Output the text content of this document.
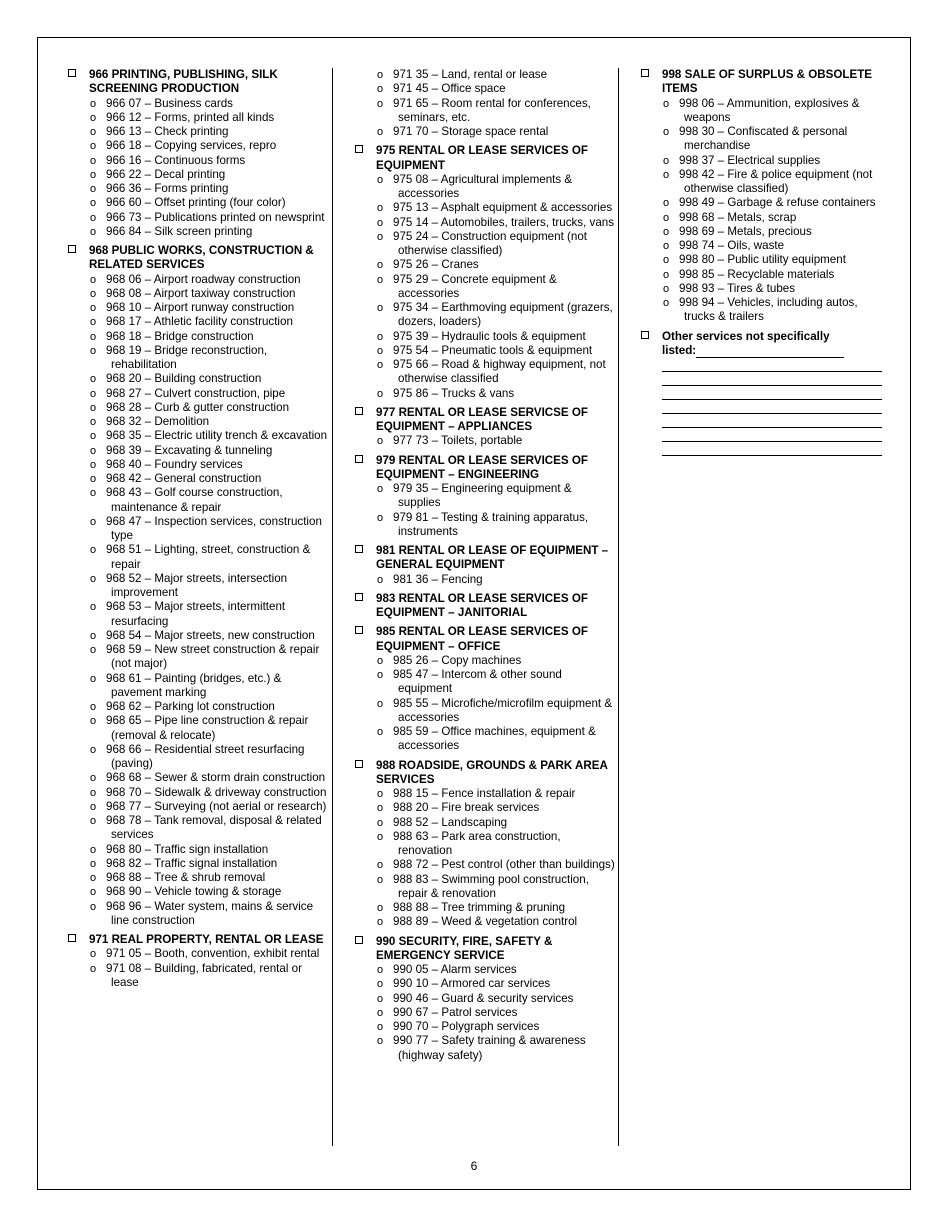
966 PRINTING, PUBLISHING, SILK SCREENING PRODUCTION
o 966 07 – Business cards
o 966 12 – Forms, printed all kinds
o 966 13 – Check printing
o 966 18 – Copying services, repro
o 966 16 – Continuous forms
o 966 22 – Decal printing
o 966 36 – Forms printing
o 966 60 – Offset printing (four color)
o 966 73 – Publications printed on newsprint
o 966 84 – Silk screen printing
968 PUBLIC WORKS, CONSTRUCTION & RELATED SERVICES
o 968 06 – Airport roadway construction
o 968 08 – Airport taxiway construction
o 968 10 – Airport runway construction
o 968 17 – Athletic facility construction
o 968 18 – Bridge construction
o 968 19 – Bridge reconstruction, rehabilitation
o 968 20 – Building construction
o 968 27 – Culvert construction, pipe
o 968 28 – Curb & gutter construction
o 968 32 – Demolition
o 968 35 – Electric utility trench & excavation
o 968 39 – Excavating & tunneling
o 968 40 – Foundry services
o 968 42 – General construction
o 968 43 – Golf course construction, maintenance & repair
o 968 47 – Inspection services, construction type
o 968 51 – Lighting, street, construction & repair
o 968 52 – Major streets, intersection improvement
o 968 53 – Major streets, intermittent resurfacing
o 968 54 – Major streets, new construction
o 968 59 – New street construction & repair (not major)
o 968 61 – Painting (bridges, etc.) & pavement marking
o 968 62 – Parking lot construction
o 968 65 – Pipe line construction & repair (removal & relocate)
o 968 66 – Residential street resurfacing (paving)
o 968 68 – Sewer & storm drain construction
o 968 70 – Sidewalk & driveway construction
o 968 77 – Surveying (not aerial or research)
o 968 78 – Tank removal, disposal & related services
o 968 80 – Traffic sign installation
o 968 82 – Traffic signal installation
o 968 88 – Tree & shrub removal
o 968 90 – Vehicle towing & storage
o 968 96 – Water system, mains & service line construction
971 REAL PROPERTY, RENTAL OR LEASE
o 971 05 – Booth, convention, exhibit rental
o 971 08 – Building, fabricated, rental or lease
o 971 35 – Land, rental or lease
o 971 45 – Office space
o 971 65 – Room rental for conferences, seminars, etc.
o 971 70 – Storage space rental
975 RENTAL OR LEASE SERVICES OF EQUIPMENT
o 975 08 – Agricultural implements & accessories
o 975 13 – Asphalt equipment & accessories
o 975 14 – Automobiles, trailers, trucks, vans
o 975 24 – Construction equipment (not otherwise classified)
o 975 26 – Cranes
o 975 29 – Concrete equipment & accessories
o 975 34 – Earthmoving equipment (grazers, dozers, loaders)
o 975 39 – Hydraulic tools & equipment
o 975 54 – Pneumatic tools & equipment
o 975 66 – Road & highway equipment, not otherwise classified
o 975 86 – Trucks & vans
977 RENTAL OR LEASE SERVICSE OF EQUIPMENT – APPLIANCES
o 977 73 – Toilets, portable
979 RENTAL OR LEASE SERVICES OF EQUIPMENT – ENGINEERING
o 979 35 – Engineering equipment & supplies
o 979 81 – Testing & training apparatus, instruments
981 RENTAL OR LEASE OF EQUIPMENT – GENERAL EQUIPMENT
o 981 36 – Fencing
983 RENTAL OR LEASE SERVICES OF EQUIPMENT – JANITORIAL
985 RENTAL OR LEASE SERVICES OF EQUIPMENT – OFFICE
o 985 26 – Copy machines
o 985 47 – Intercom & other sound equipment
o 985 55 – Microfiche/microfilm equipment & accessories
o 985 59 – Office machines, equipment & accessories
988 ROADSIDE, GROUNDS & PARK AREA SERVICES
o 988 15 – Fence installation & repair
o 988 20 – Fire break services
o 988 52 – Landscaping
o 988 63 – Park area construction, renovation
o 988 72 – Pest control (other than buildings)
o 988 83 – Swimming pool construction, repair & renovation
o 988 88 – Tree trimming & pruning
o 988 89 – Weed & vegetation control
990 SECURITY, FIRE, SAFETY & EMERGENCY SERVICE
o 990 05 – Alarm services
o 990 10 – Armored car services
o 990 46 – Guard & security services
o 990 67 – Patrol services
o 990 70 – Polygraph services
o 990 77 – Safety training & awareness (highway safety)
998 SALE OF SURPLUS & OBSOLETE ITEMS
o 998 06 – Ammunition, explosives & weapons
o 998 30 – Confiscated & personal merchandise
o 998 37 – Electrical supplies
o 998 42 – Fire & police equipment (not otherwise classified)
o 998 49 – Garbage & refuse containers
o 998 68 – Metals, scrap
o 998 69 – Metals, precious
o 998 74 – Oils, waste
o 998 80 – Public utility equipment
o 998 85 – Recyclable materials
o 998 93 – Tires & tubes
o 998 94 – Vehicles, including autos, trucks & trailers
Other services not specifically
listed:
6
